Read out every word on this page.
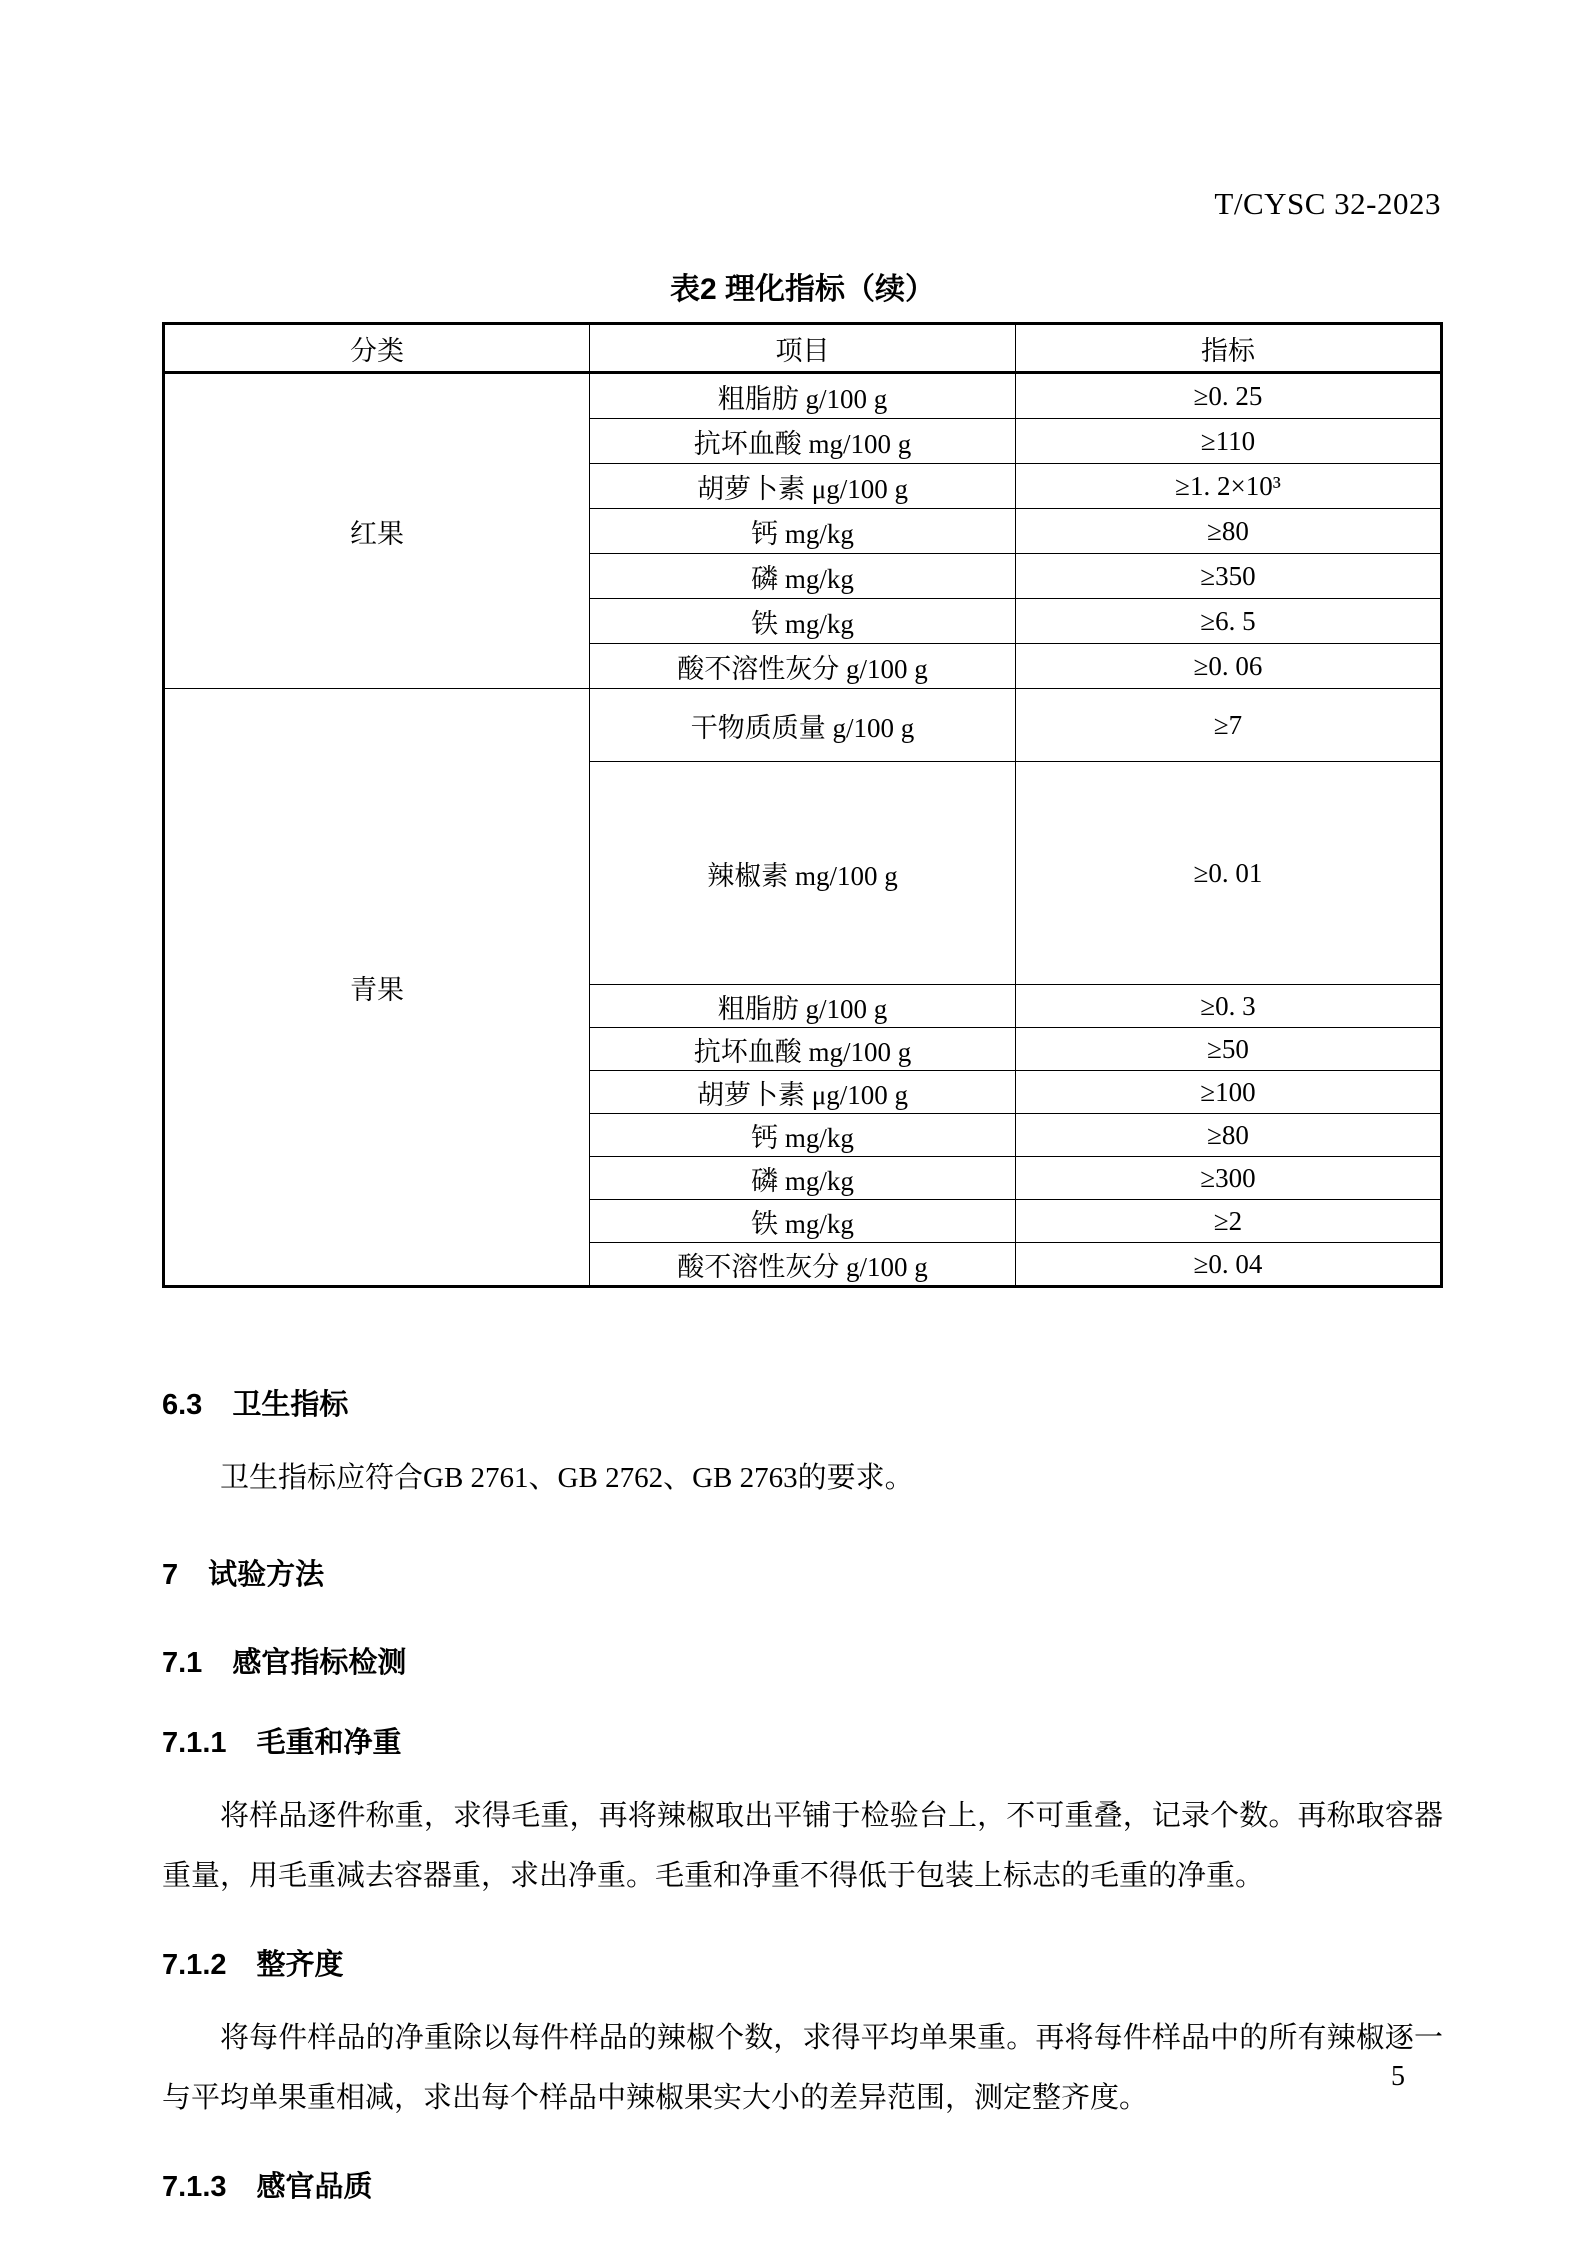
T/CYSC 32-2023
表2 理化指标（续）
分类	项目	指标
红果	粗脂肪 g/100 g	≥0. 25
	抗坏血酸 mg/100 g	≥110
	胡萝卜素 μg/100 g	≥1. 2×10³
	钙 mg/kg	≥80
	磷 mg/kg	≥350
	铁 mg/kg	≥6. 5
	酸不溶性灰分 g/100 g	≥0. 06
青果	干物质质量 g/100 g	≥7
	辣椒素 mg/100 g	≥0. 01
	粗脂肪 g/100 g	≥0. 3
	抗坏血酸 mg/100 g	≥50
	胡萝卜素 μg/100 g	≥100
	钙 mg/kg	≥80
	磷 mg/kg	≥300
	铁 mg/kg	≥2
	酸不溶性灰分 g/100 g	≥0. 04
6.3 卫生指标

卫生指标应符合GB 2761、GB 2762、GB 2763的要求。

7 试验方法
7.1 感官指标检测
7.1.1 毛重和净重

将样品逐件称重，求得毛重，再将辣椒取出平铺于检验台上，不可重叠，记录个数。再称取容器重量，用毛重减去容器重，求出净重。毛重和净重不得低于包装上标志的毛重的净重。

7.1.2 整齐度

将每件样品的净重除以每件样品的辣椒个数，求得平均单果重。再将每件样品中的所有辣椒逐一与平均单果重相减，求出每个样品中辣椒果实大小的差异范围，测定整齐度。

7.1.3 感官品质
5
